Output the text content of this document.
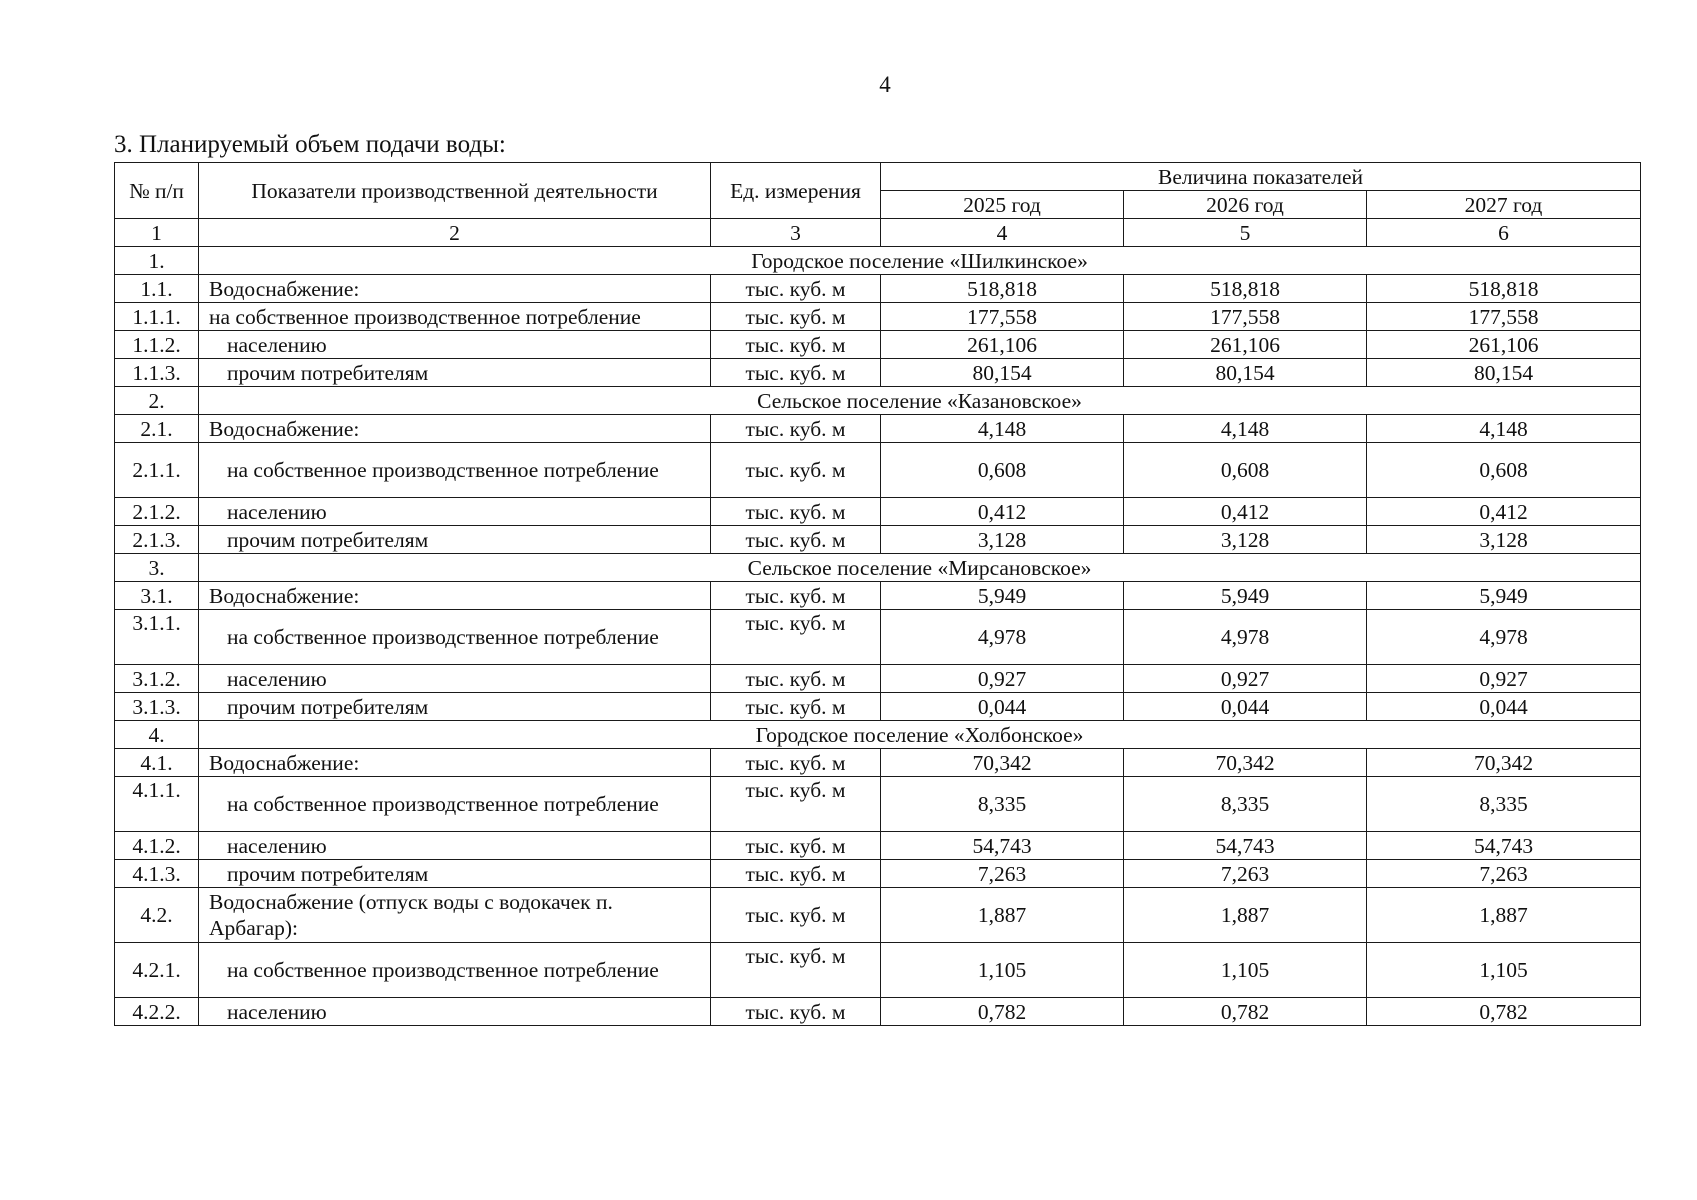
4
3. Планируемый объем подачи воды:
№ п/п	Показатели производственной деятельности	Ед. измерения	Величина показателей		
			2025 год	2026 год	2027 год
1	2	3	4	5	6
1.	Городское поселение «Шилкинское»				
1.1.	Водоснабжение:	тыс. куб. м	518,818	518,818	518,818
1.1.1.	на собственное производственное потребление	тыс. куб. м	177,558	177,558	177,558
1.1.2.	населению	тыс. куб. м	261,106	261,106	261,106
1.1.3.	прочим потребителям	тыс. куб. м	80,154	80,154	80,154
2.	Сельское поселение «Казановское»				
2.1.	Водоснабжение:	тыс. куб. м	4,148	4,148	4,148
2.1.1.	на собственное производственное потребление	тыс. куб. м	0,608	0,608	0,608
2.1.2.	населению	тыс. куб. м	0,412	0,412	0,412
2.1.3.	прочим потребителям	тыс. куб. м	3,128	3,128	3,128
3.	Сельское поселение «Мирсановское»				
3.1.	Водоснабжение:	тыс. куб. м	5,949	5,949	5,949
3.1.1.	на собственное производственное потребление	тыс. куб. м	4,978	4,978	4,978
3.1.2.	населению	тыс. куб. м	0,927	0,927	0,927
3.1.3.	прочим потребителям	тыс. куб. м	0,044	0,044	0,044
4.	Городское поселение «Холбонское»				
4.1.	Водоснабжение:	тыс. куб. м	70,342	70,342	70,342
4.1.1.	на собственное производственное потребление	тыс. куб. м	8,335	8,335	8,335
4.1.2.	населению	тыс. куб. м	54,743	54,743	54,743
4.1.3.	прочим потребителям	тыс. куб. м	7,263	7,263	7,263
4.2.	Водоснабжение (отпуск воды с водокачек п. Арбагар):	тыс. куб. м	1,887	1,887	1,887
4.2.1.	на собственное производственное потребление	тыс. куб. м	1,105	1,105	1,105
4.2.2.	населению	тыс. куб. м	0,782	0,782	0,782
